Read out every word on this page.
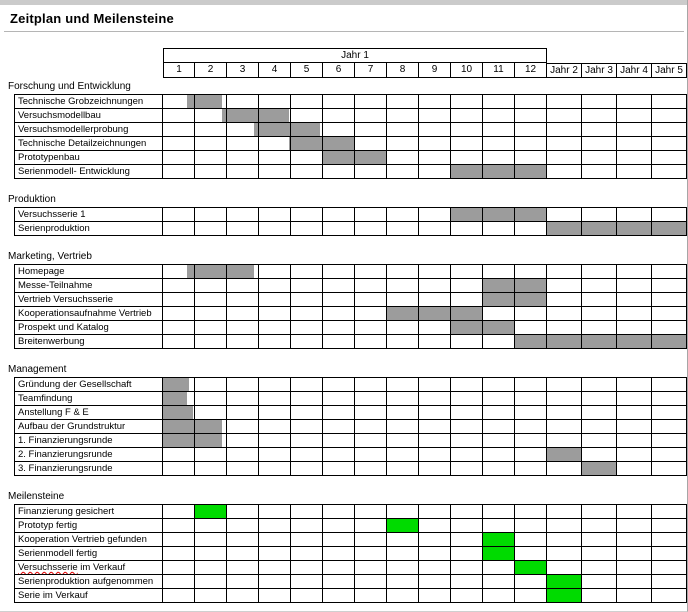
Zeitplan und Meilensteine
Jahr 1
1	2	3	4	5	6	7	8	9	10	11	12	Jahr 2 Jahr 3 Jahr 4 Jahr 5
Forschung und Entwicklung
Technische Grobzeichnungen
Versuchsmodellbau
Versuchsmodellerprobung
Technische Detailzeichnungen
Prototypenbau
Serienmodell- Entwicklung
Produktion
Versuchsserie 1
Serienproduktion
Marketing, Vertrieb
Homepage
Messe-Teilnahme
Vertrieb Versuchsserie
Kooperationsaufnahme Vertrieb
Prospekt und Katalog
Breitenwerbung
Management
Gründung der Gesellschaft
Teamfindung
Anstellung F & E
Aufbau der Grundstruktur
1. Finanzierungsrunde
2. Finanzierungsrunde
3. Finanzierungsrunde
Meilensteine
Finanzierung gesichert
Prototyp fertig
Kooperation Vertrieb gefunden
Serienmodell fertig
Versuchsserie im Verkauf
Serienproduktion aufgenommen
Serie im Verkauf
